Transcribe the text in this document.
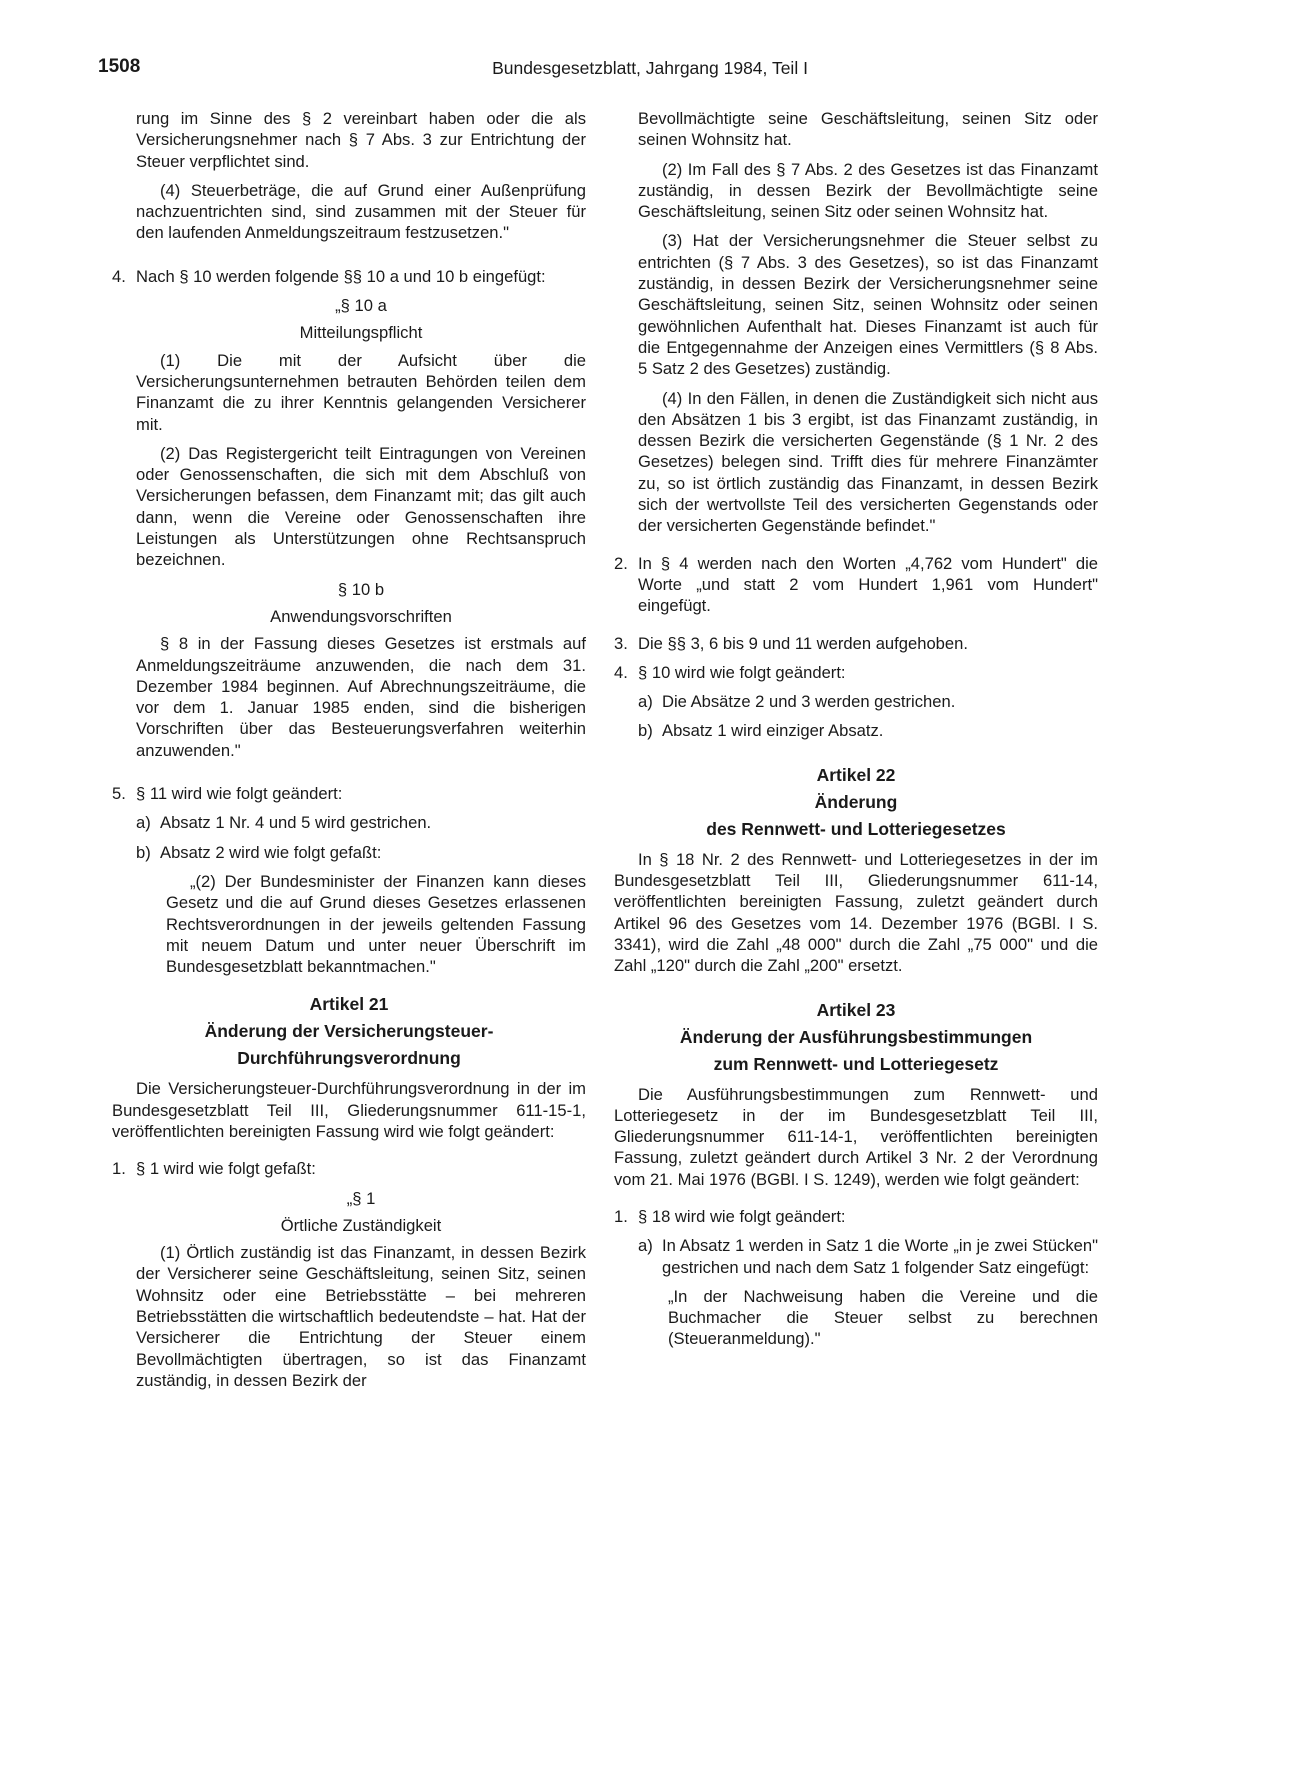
1508	Bundesgesetzblatt, Jahrgang 1984, Teil I

rung im Sinne des § 2 vereinbart haben oder die als Versicherungsnehmer nach § 7 Abs. 3 zur Entrichtung der Steuer verpflichtet sind.

(4) Steuerbeträge, die auf Grund einer Außenprüfung nachzuentrichten sind, sind zusammen mit der Steuer für den laufenden Anmeldungszeitraum festzusetzen."

4. Nach § 10 werden folgende §§ 10 a und 10 b eingefügt:
„§ 10 a
Mitteilungspflicht

(1) Die mit der Aufsicht über die Versicherungsunternehmen betrauten Behörden teilen dem Finanzamt die zu ihrer Kenntnis gelangenden Versicherer mit.

(2) Das Registergericht teilt Eintragungen von Vereinen oder Genossenschaften, die sich mit dem Abschluß von Versicherungen befassen, dem Finanzamt mit; das gilt auch dann, wenn die Vereine oder Genossenschaften ihre Leistungen als Unterstützungen ohne Rechtsanspruch bezeichnen.

§ 10 b
Anwendungsvorschriften

§ 8 in der Fassung dieses Gesetzes ist erstmals auf Anmeldungszeiträume anzuwenden, die nach dem 31. Dezember 1984 beginnen. Auf Abrechnungszeiträume, die vor dem 1. Januar 1985 enden, sind die bisherigen Vorschriften über das Besteuerungsverfahren weiterhin anzuwenden."

5. § 11 wird wie folgt geändert:
a) Absatz 1 Nr. 4 und 5 wird gestrichen.
b) Absatz 2 wird wie folgt gefaßt:

„(2) Der Bundesminister der Finanzen kann dieses Gesetz und die auf Grund dieses Gesetzes erlassenen Rechtsverordnungen in der jeweils geltenden Fassung mit neuem Datum und unter neuer Überschrift im Bundesgesetzblatt bekanntmachen."

Artikel 21
Änderung der Versicherungsteuer-
Durchführungsverordnung

Die Versicherungsteuer-Durchführungsverordnung in der im Bundesgesetzblatt Teil III, Gliederungsnummer 611-15-1, veröffentlichten bereinigten Fassung wird wie folgt geändert:

1. § 1 wird wie folgt gefaßt:
„§ 1
Örtliche Zuständigkeit

(1) Örtlich zuständig ist das Finanzamt, in dessen Bezirk der Versicherer seine Geschäftsleitung, seinen Sitz, seinen Wohnsitz oder eine Betriebsstätte – bei mehreren Betriebsstätten die wirtschaftlich bedeutendste – hat. Hat der Versicherer die Entrichtung der Steuer einem Bevollmächtigten übertragen, so ist das Finanzamt zuständig, in dessen Bezirk der

Bevollmächtigte seine Geschäftsleitung, seinen Sitz oder seinen Wohnsitz hat.

(2) Im Fall des § 7 Abs. 2 des Gesetzes ist das Finanzamt zuständig, in dessen Bezirk der Bevollmächtigte seine Geschäftsleitung, seinen Sitz oder seinen Wohnsitz hat.

(3) Hat der Versicherungsnehmer die Steuer selbst zu entrichten (§ 7 Abs. 3 des Gesetzes), so ist das Finanzamt zuständig, in dessen Bezirk der Versicherungsnehmer seine Geschäftsleitung, seinen Sitz, seinen Wohnsitz oder seinen gewöhnlichen Aufenthalt hat. Dieses Finanzamt ist auch für die Entgegennahme der Anzeigen eines Vermittlers (§ 8 Abs. 5 Satz 2 des Gesetzes) zuständig.

(4) In den Fällen, in denen die Zuständigkeit sich nicht aus den Absätzen 1 bis 3 ergibt, ist das Finanzamt zuständig, in dessen Bezirk die versicherten Gegenstände (§ 1 Nr. 2 des Gesetzes) belegen sind. Trifft dies für mehrere Finanzämter zu, so ist örtlich zuständig das Finanzamt, in dessen Bezirk sich der wertvollste Teil des versicherten Gegenstands oder der versicherten Gegenstände befindet."

2. In § 4 werden nach den Worten „4,762 vom Hundert" die Worte „und statt 2 vom Hundert 1,961 vom Hundert" eingefügt.
3. Die §§ 3, 6 bis 9 und 11 werden aufgehoben.
4. § 10 wird wie folgt geändert:
a) Die Absätze 2 und 3 werden gestrichen.
b) Absatz 1 wird einziger Absatz.
Artikel 22
Änderung
des Rennwett- und Lotteriegesetzes

In § 18 Nr. 2 des Rennwett- und Lotteriegesetzes in der im Bundesgesetzblatt Teil III, Gliederungsnummer 611-14, veröffentlichten bereinigten Fassung, zuletzt geändert durch Artikel 96 des Gesetzes vom 14. Dezember 1976 (BGBl. I S. 3341), wird die Zahl „48 000" durch die Zahl „75 000" und die Zahl „120" durch die Zahl „200" ersetzt.

Artikel 23
Änderung der Ausführungsbestimmungen
zum Rennwett- und Lotteriegesetz

Die Ausführungsbestimmungen zum Rennwett- und Lotteriegesetz in der im Bundesgesetzblatt Teil III, Gliederungsnummer 611-14-1, veröffentlichten bereinigten Fassung, zuletzt geändert durch Artikel 3 Nr. 2 der Verordnung vom 21. Mai 1976 (BGBl. I S. 1249), werden wie folgt geändert:

1. § 18 wird wie folgt geändert:
a) In Absatz 1 werden in Satz 1 die Worte „in je zwei Stücken" gestrichen und nach dem Satz 1 folgender Satz eingefügt:

„In der Nachweisung haben die Vereine und die Buchmacher die Steuer selbst zu berechnen (Steueranmeldung)."
